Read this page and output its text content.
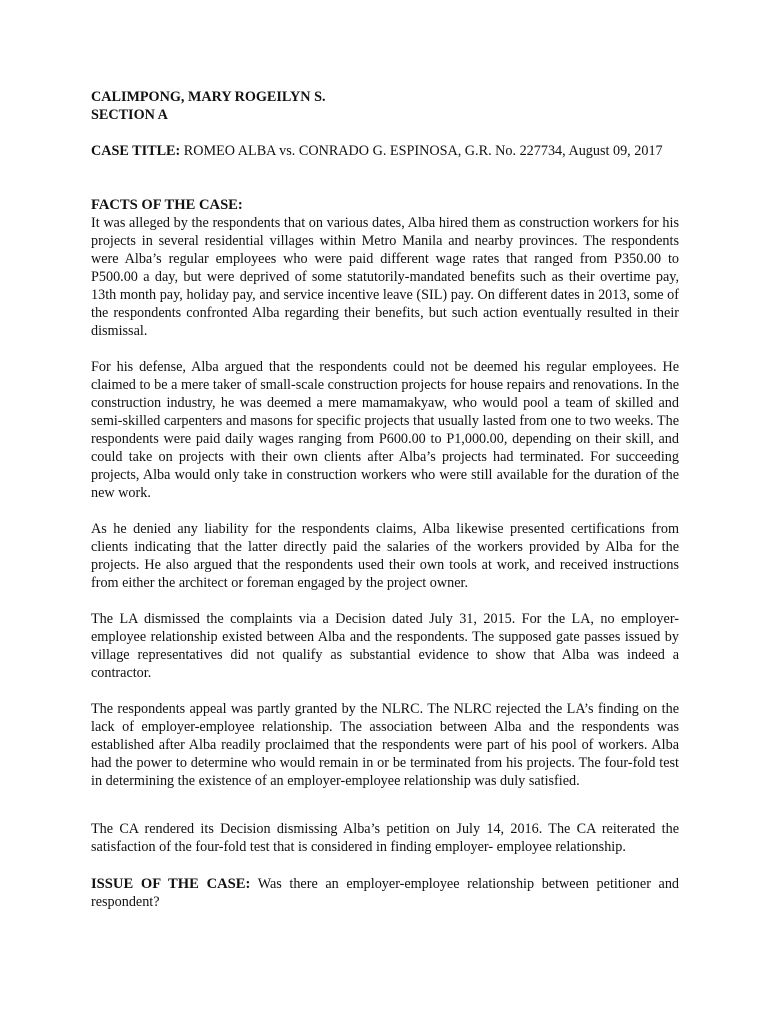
CALIMPONG, MARY ROGEILYN S.
SECTION A

CASE TITLE: ROMEO ALBA vs. CONRADO G. ESPINOSA, G.R. No. 227734, August 09, 2017

FACTS OF THE CASE:
It was alleged by the respondents that on various dates, Alba hired them as construction workers for his projects in several residential villages within Metro Manila and nearby provinces. The respondents were Alba’s regular employees who were paid different wage rates that ranged from P350.00 to P500.00 a day, but were deprived of some statutorily-mandated benefits such as their overtime pay, 13th month pay, holiday pay, and service incentive leave (SIL) pay. On different dates in 2013, some of the respondents confronted Alba regarding their benefits, but such action eventually resulted in their dismissal.
For his defense, Alba argued that the respondents could not be deemed his regular employees. He claimed to be a mere taker of small-scale construction projects for house repairs and renovations. In the construction industry, he was deemed a mere mamamakyaw, who would pool a team of skilled and semi-skilled carpenters and masons for specific projects that usually lasted from one to two weeks. The respondents were paid daily wages ranging from P600.00 to P1,000.00, depending on their skill, and could take on projects with their own clients after Alba’s projects had terminated. For succeeding projects, Alba would only take in construction workers who were still available for the duration of the new work.
As he denied any liability for the respondents claims, Alba likewise presented certifications from clients indicating that the latter directly paid the salaries of the workers provided by Alba for the projects. He also argued that the respondents used their own tools at work, and received instructions from either the architect or foreman engaged by the project owner.
The LA dismissed the complaints via a Decision dated July 31, 2015. For the LA, no employer-employee relationship existed between Alba and the respondents. The supposed gate passes issued by village representatives did not qualify as substantial evidence to show that Alba was indeed a contractor.
The respondents appeal was partly granted by the NLRC. The NLRC rejected the LA’s finding on the lack of employer-employee relationship. The association between Alba and the respondents was established after Alba readily proclaimed that the respondents were part of his pool of workers. Alba had the power to determine who would remain in or be terminated from his projects. The four-fold test in determining the existence of an employer-employee relationship was duly satisfied.
The CA rendered its Decision dismissing Alba’s petition on July 14, 2016. The CA reiterated the satisfaction of the four-fold test that is considered in finding employer- employee relationship.

ISSUE OF THE CASE: Was there an employer-employee relationship between petitioner and respondent?
